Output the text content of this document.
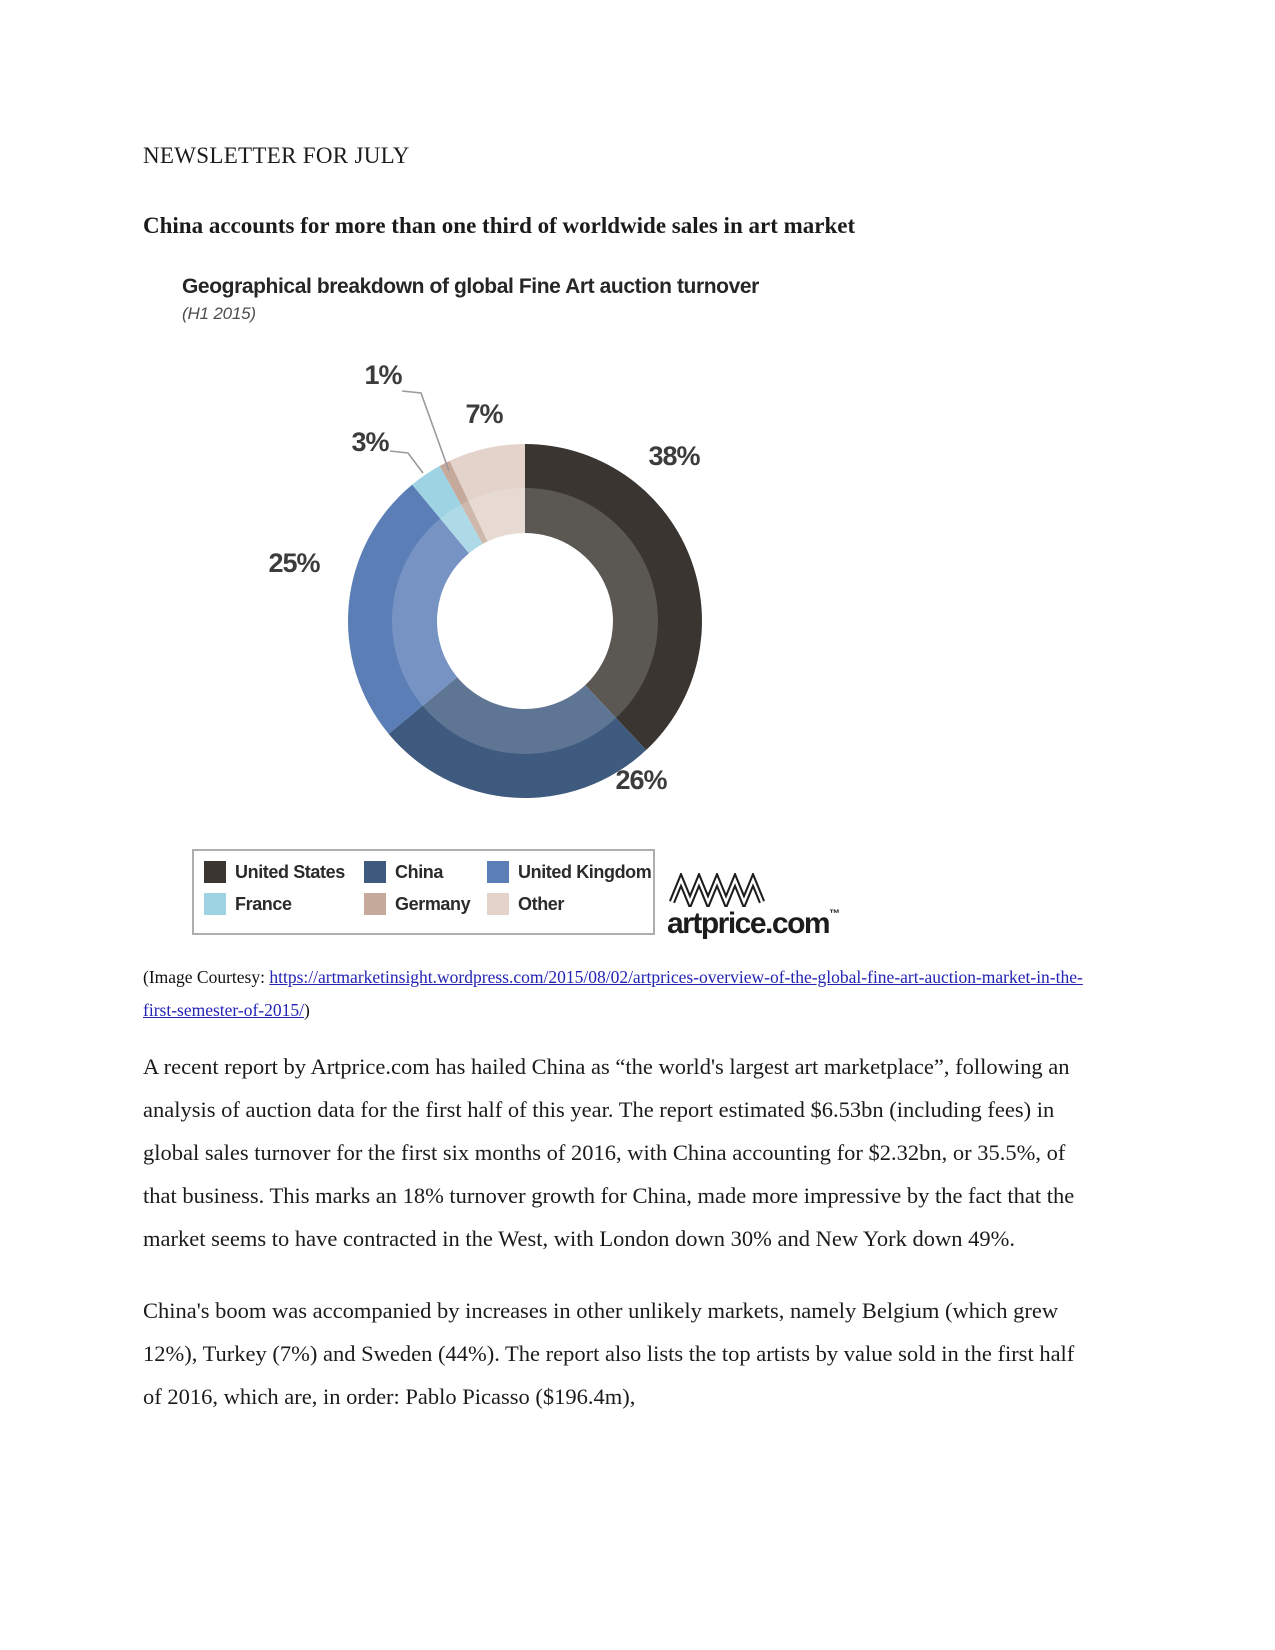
NEWSLETTER FOR JULY

China accounts for more than one third of worldwide sales in art market

Geographical breakdown of global Fine Art auction turnover
(H1 2015)
38%
26%
25%
3%
1%
7%
United States	China	United Kingdom
France	Germany	Other
artprice.com™

(Image Courtesy: https://artmarketinsight.wordpress.com/2015/08/02/artprices-overview-of-the-global-fine-art-auction-market-in-the-first-semester-of-2015/)

A recent report by Artprice.com has hailed China as “the world's largest art marketplace”, following an analysis of auction data for the first half of this year. The report estimated $6.53bn (including fees) in global sales turnover for the first six months of 2016, with China accounting for $2.32bn, or 35.5%, of that business. This marks an 18% turnover growth for China, made more impressive by the fact that the market seems to have contracted in the West, with London down 30% and New York down 49%.

China's boom was accompanied by increases in other unlikely markets, namely Belgium (which grew 12%), Turkey (7%) and Sweden (44%). The report also lists the top artists by value sold in the first half of 2016, which are, in order: Pablo Picasso ($196.4m),
